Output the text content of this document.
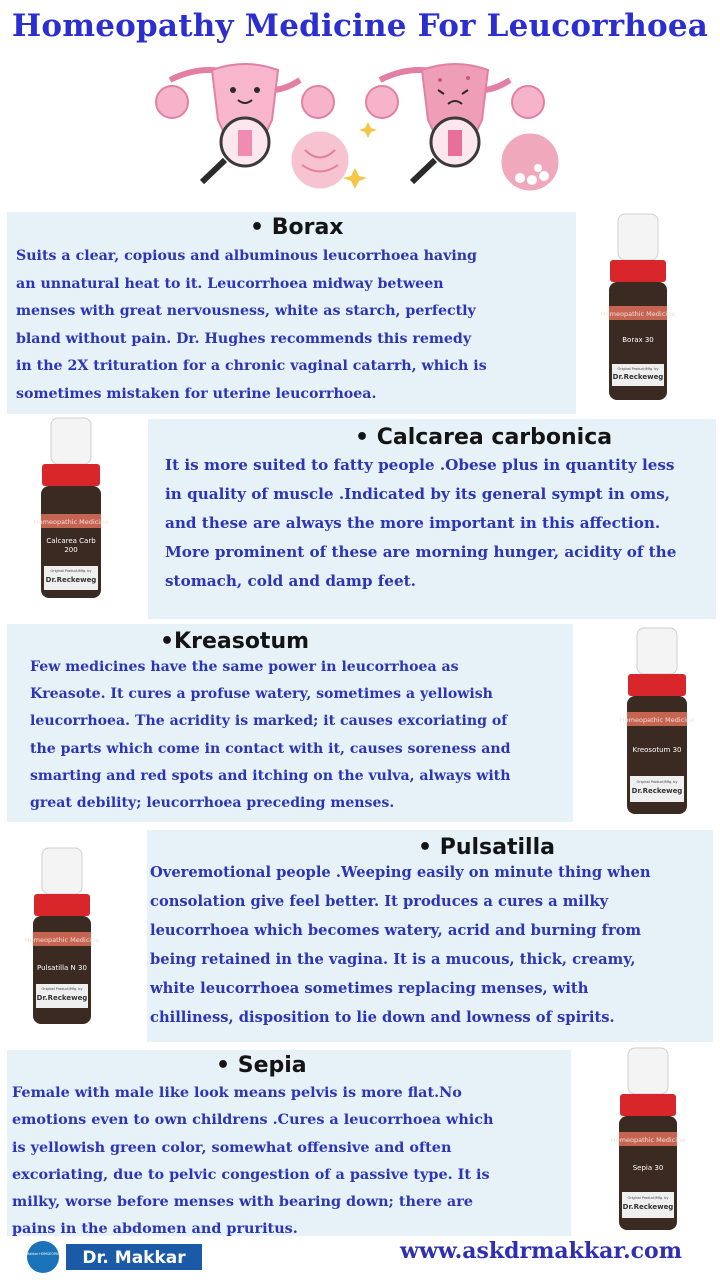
Homeopathy Medicine For Leucorrhoea
• Borax
Suits a clear, copious and albuminous leucorrhoea having
an unnatural heat to it. Leucorrhoea midway between
menses with great nervousness, white as starch, perfectly
bland without pain. Dr. Hughes recommends this remedy
in the 2X trituration for a chronic vaginal catarrh, which is
sometimes mistaken for uterine leucorrhoea.
• Calcarea carbonica
It is more suited to fatty people .Obese plus in quantity less
in quality of muscle .Indicated by its general sympt in oms,
and these are always the more important in this affection.
More prominent of these are morning hunger, acidity of the
stomach, cold and damp feet.
•Kreasotum
Few medicines have the same power in leucorrhoea as
Kreasote. It cures a profuse watery, sometimes a yellowish
leucorrhoea. The acridity is marked; it causes excoriating of
the parts which come in contact with it, causes soreness and
smarting and red spots and itching on the vulva, always with
great debility; leucorrhoea preceding menses.
• Pulsatilla
Overemotional people .Weeping easily on minute thing when
consolation give feel better. It produces a cures a milky
leucorrhoea which becomes watery, acrid and burning from
being retained in the vagina. It is a mucous, thick, creamy,
white leucorrhoea sometimes replacing menses, with
chilliness, disposition to lie down and lowness of spirits.
• Sepia
Female with male like look means pelvis is more flat.No
emotions even to own childrens .Cures a leucorrhoea which
is yellowish green color, somewhat offensive and often
excoriating, due to pelvic congestion of a passive type. It is
milky, worse before menses with bearing down; there are
pains in the abdomen and pruritus.
Homeopathic Medicine
Borax 30
Original Product/Mfg. by
Dr.Reckeweg
Homeopathic Medicine
Calcarea Carb 200
Original Product/Mfg. by
Dr.Reckeweg
Homeopathic Medicine
Kreosotum 30
Original Product/Mfg. by
Dr.Reckeweg
Homeopathic Medicine
Pulsatilla N 30
Original Product/Mfg. by
Dr.Reckeweg
Homeopathic Medicine
Sepia 30
Original Product/Mfg. by
Dr.Reckeweg
Dr.Makkar HOMOEOPATHY Dr. Makkar	www.askdrmakkar.com
